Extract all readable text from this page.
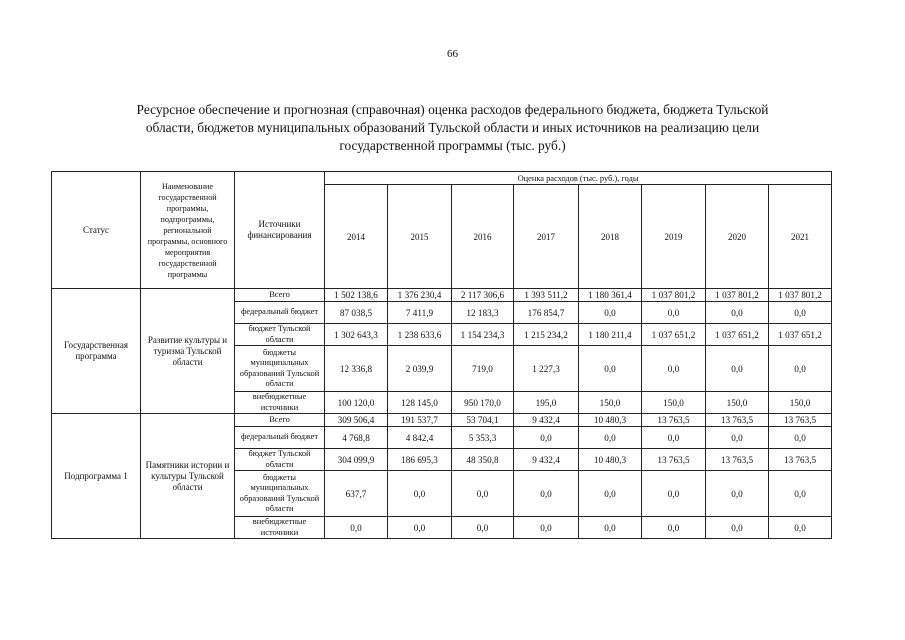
66
Ресурсное обеспечение и прогнозная (справочная) оценка расходов федерального бюджета, бюджета Тульской
области, бюджетов муниципальных образований Тульской области и иных источников на реализацию цели
государственной программы (тыс. руб.)
Статус	Наименование государственной программы, подпрограммы, региональной программы, основного мероприятия государственной программы	Источники финансирования	Оценка расходов (тыс. руб.), годы							
			2014	2015	2016	2017	2018	2019	2020	2021
Государственная программа	Развитие культуры и туризма Тульской области	Всего	1 502 138,6	1 376 230,4	2 117 306,6	1 393 511,2	1 180 361,4	1 037 801,2	1 037 801,2	1 037 801,2
		федеральный бюджет	87 038,5	7 411,9	12 183,3	176 854,7	0,0	0,0	0,0	0,0
		бюджет Тульской области	1 302 643,3	1 238 633,6	1 154 234,3	1 215 234,2	1 180 211,4	1 037 651,2	1 037 651,2	1 037 651,2
		бюджеты муниципальных образований Тульской области	12 336,8	2 039,9	719,0	1 227,3	0,0	0,0	0,0	0,0
		внебюджетные источники	100 120,0	128 145,0	950 170,0	195,0	150,0	150,0	150,0	150,0
Подпрограмма 1	Памятники истории и культуры Тульской области	Всего	309 506,4	191 537,7	53 704,1	9 432,4	10 480,3	13 763,5	13 763,5	13 763,5
		федеральный бюджет	4 768,8	4 842,4	5 353,3	0,0	0,0	0,0	0,0	0,0
		бюджет Тульской области	304 099,9	186 695,3	48 350,8	9 432,4	10 480,3	13 763,5	13 763,5	13 763,5
		бюджеты муниципальных образований Тульской области	637,7	0,0	0,0	0,0	0,0	0,0	0,0	0,0
		внебюджетные источники	0,0	0,0	0,0	0,0	0,0	0,0	0,0	0,0
